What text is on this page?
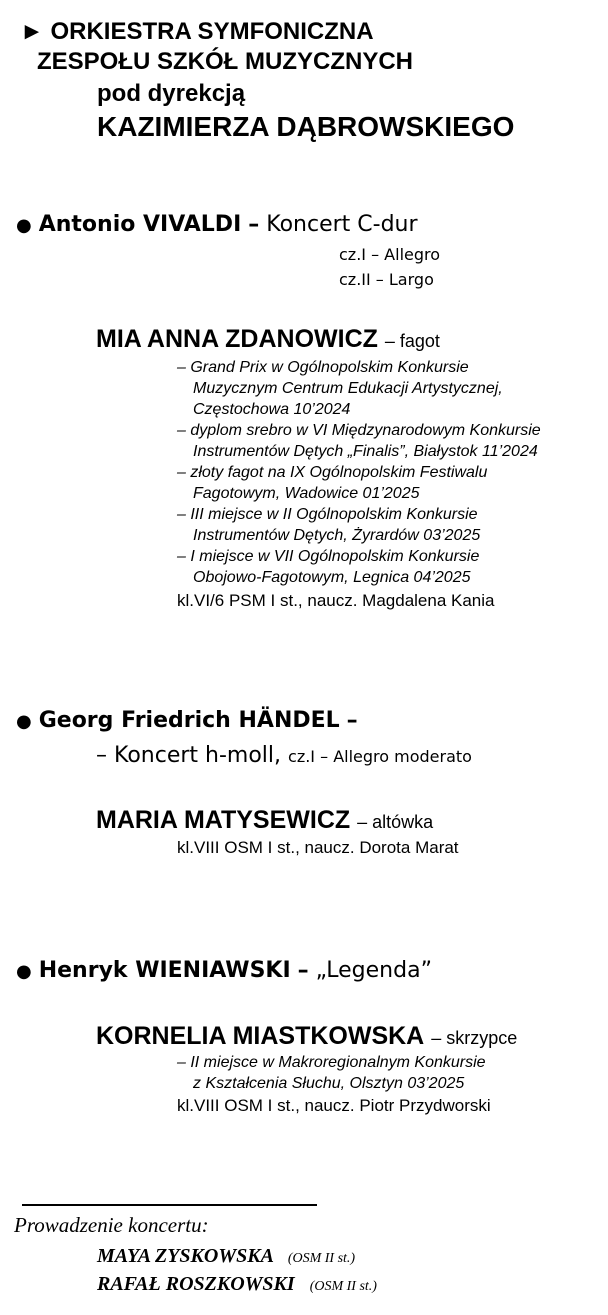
► ORKIESTRA SYMFONICZNA
ZESPOŁU SZKÓŁ MUZYCZNYCH
pod dyrekcją
KAZIMIERZA DĄBROWSKIEGO
● Antonio VIVALDI – Koncert C-dur
cz.I – Allegro
cz.II – Largo
MIA ANNA ZDANOWICZ – fagot
– Grand Prix w Ogólnopolskim Konkursie
Muzycznym Centrum Edukacji Artystycznej,
Częstochowa 10’2024
– dyplom srebro w VI Międzynarodowym Konkursie
Instrumentów Dętych „Finalis”, Białystok 11’2024
– złoty fagot na IX Ogólnopolskim Festiwalu
Fagotowym, Wadowice 01’2025
– III miejsce w II Ogólnopolskim Konkursie
Instrumentów Dętych, Żyrardów 03’2025
– I miejsce w VII Ogólnopolskim Konkursie
Obojowo-Fagotowym, Legnica 04’2025
kl.VI/6 PSM I st., naucz. Magdalena Kania
● Georg Friedrich HÄNDEL –
– Koncert h-moll, cz.I – Allegro moderato
MARIA MATYSEWICZ – altówka
kl.VIII OSM I st., naucz. Dorota Marat
● Henryk WIENIAWSKI – „Legenda”
KORNELIA MIASTKOWSKA – skrzypce
– II miejsce w Makroregionalnym Konkursie
z Kształcenia Słuchu, Olsztyn 03’2025
kl.VIII OSM I st., naucz. Piotr Przydworski
Prowadzenie koncertu:
MAYA ZYSKOWSKA (OSM II st.)
RAFAŁ ROSZKOWSKI (OSM II st.)
